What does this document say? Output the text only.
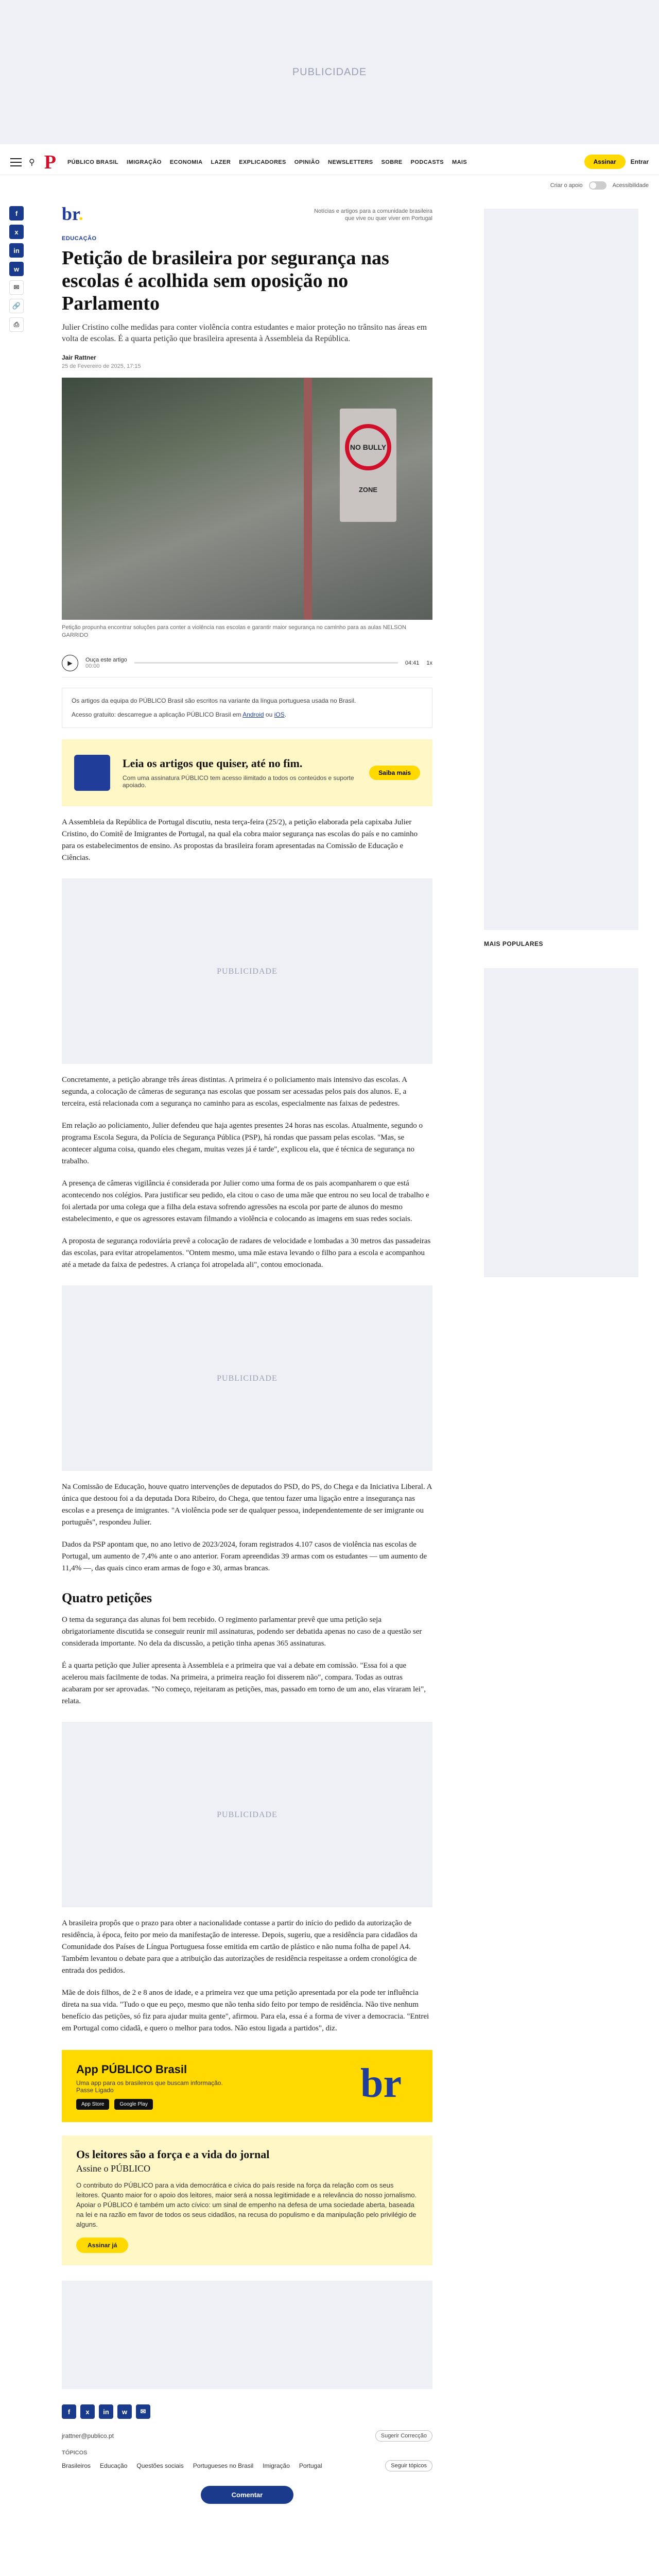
PUBLICIDADE
⚲ P PÚBLICO BRASIL IMIGRAÇÃO ECONOMIA LAZER EXPLICADORES OPINIÃO NEWSLETTERS SOBRE PODCASTS MAIS	Assinar	Entrar
Criar o apoio	Acessibilidade
f
x
in
w
✉
🔗
⎙
br.	Notícias e artigos para a comunidade brasileira que vive ou quer viver em Portugal
EDUCAÇÃO
Petição de brasileira por segurança nas escolas é acolhida sem oposição no Parlamento
Julier Cristino colhe medidas para conter violência contra estudantes e maior proteção no trânsito nas áreas em volta de escolas. É a quarta petição que brasileira apresenta à Assembleia da República.
Jair Rattner
25 de Fevereiro de 2025, 17:15
NO BULLY
ZONE
Petição propunha encontrar soluções para conter a violência nas escolas e garantir maior segurança no caminho para as aulas NELSON GARRIDO
▶	Ouça este artigo
00:00	04:41 1x

Os artigos da equipa do PÚBLICO Brasil são escritos na variante da língua portuguesa usada no Brasil.

Acesso gratuito: descarregue a aplicação PÚBLICO Brasil em Android ou iOS.

Leia os artigos que quiser, até no fim.
Com uma assinatura PÚBLICO tem acesso ilimitado a todos os conteúdos e suporte apoiado.
Saiba mais

A Assembleia da República de Portugal discutiu, nesta terça-feira (25/2), a petição elaborada pela capixaba Julier Cristino, do Comitê de Imigrantes de Portugal, na qual ela cobra maior segurança nas escolas do país e no caminho para os estabelecimentos de ensino. As propostas da brasileira foram apresentadas na Comissão de Educação e Ciências.

PUBLICIDADE

Concretamente, a petição abrange três áreas distintas. A primeira é o policiamento mais intensivo das escolas. A segunda, a colocação de câmeras de segurança nas escolas que possam ser acessadas pelos pais dos alunos. E, a terceira, está relacionada com a segurança no caminho para as escolas, especialmente nas faixas de pedestres.

Em relação ao policiamento, Julier defendeu que haja agentes presentes 24 horas nas escolas. Atualmente, segundo o programa Escola Segura, da Polícia de Segurança Pública (PSP), há rondas que passam pelas escolas. "Mas, se acontecer alguma coisa, quando eles chegam, muitas vezes já é tarde", explicou ela, que é técnica de segurança no trabalho.

A presença de câmeras vigilância é considerada por Julier como uma forma de os pais acompanharem o que está acontecendo nos colégios. Para justificar seu pedido, ela citou o caso de uma mãe que entrou no seu local de trabalho e foi alertada por uma colega que a filha dela estava sofrendo agressões na escola por parte de alunos do mesmo estabelecimento, e que os agressores estavam filmando a violência e colocando as imagens em suas redes sociais.

A proposta de segurança rodoviária prevê a colocação de radares de velocidade e lombadas a 30 metros das passadeiras das escolas, para evitar atropelamentos. "Ontem mesmo, uma mãe estava levando o filho para a escola e acompanhou até a metade da faixa de pedestres. A criança foi atropelada ali", contou emocionada.

PUBLICIDADE

Na Comissão de Educação, houve quatro intervenções de deputados do PSD, do PS, do Chega e da Iniciativa Liberal. A única que destoou foi a da deputada Dora Ribeiro, do Chega, que tentou fazer uma ligação entre a insegurança nas escolas e a presença de imigrantes. "A violência pode ser de qualquer pessoa, independentemente de ser imigrante ou português", respondeu Julier.

Dados da PSP apontam que, no ano letivo de 2023/2024, foram registrados 4.107 casos de violência nas escolas de Portugal, um aumento de 7,4% ante o ano anterior. Foram apreendidas 39 armas com os estudantes — um aumento de 11,4% —, das quais cinco eram armas de fogo e 30, armas brancas.

Quatro petições

O tema da segurança das alunas foi bem recebido. O regimento parlamentar prevê que uma petição seja obrigatoriamente discutida se conseguir reunir mil assinaturas, podendo ser debatida apenas no caso de a questão ser considerada importante. No dela da discussão, a petição tinha apenas 365 assinaturas.

É a quarta petição que Julier apresenta à Assembleia e a primeira que vai a debate em comissão. "Essa foi a que acelerou mais facilmente de todas. Na primeira, a primeira reação foi disserem não", compara. Todas as outras acabaram por ser aprovadas. "No começo, rejeitaram as petições, mas, passado em torno de um ano, elas viraram lei", relata.

PUBLICIDADE

A brasileira propôs que o prazo para obter a nacionalidade contasse a partir do início do pedido da autorização de residência, à época, feito por meio da manifestação de interesse. Depois, sugeriu, que a residência para cidadãos da Comunidade dos Países de Língua Portuguesa fosse emitida em cartão de plástico e não numa folha de papel A4. Também levantou o debate para que a atribuição das autorizações de residência respeitasse a ordem cronológica de entrada dos pedidos.

Mãe de dois filhos, de 2 e 8 anos de idade, e a primeira vez que uma petição apresentada por ela pode ter influência direta na sua vida. "Tudo o que eu peço, mesmo que não tenha sido feito por tempo de residência. Não tive nenhum benefício das petições, só fiz para ajudar muita gente", afirmou. Para ela, essa é a forma de viver a democracia. "Entrei em Portugal como cidadã, e quero o melhor para todos. Não estou ligada a partidos", diz.

App PÚBLICO Brasil
Uma app para os brasileiros que buscam informação. Passe Ligado
App Store	Google Play	br
Os leitores são a força e a vida do jornal
Assine o PÚBLICO
O contributo do PÚBLICO para a vida democrática e cívica do país reside na força da relação com os seus leitores. Quanto maior for o apoio dos leitores, maior será a nossa legitimidade e a relevância do nosso jornalismo. Apoiar o PÚBLICO é também um acto cívico: um sinal de empenho na defesa de uma sociedade aberta, baseada na lei e na razão em favor de todos os seus cidadãos, na recusa do populismo e da manipulação pelo privilégio de alguns.
Assinar já
f	x	in	w	✉
jrattner@publico.pt	Sugerir Correcção
TÓPICOS
Brasileiros Educação Questões sociais Portugueses no Brasil Imigração Portugal	Seguir tópicos
Comentar
MAIS POPULARES
